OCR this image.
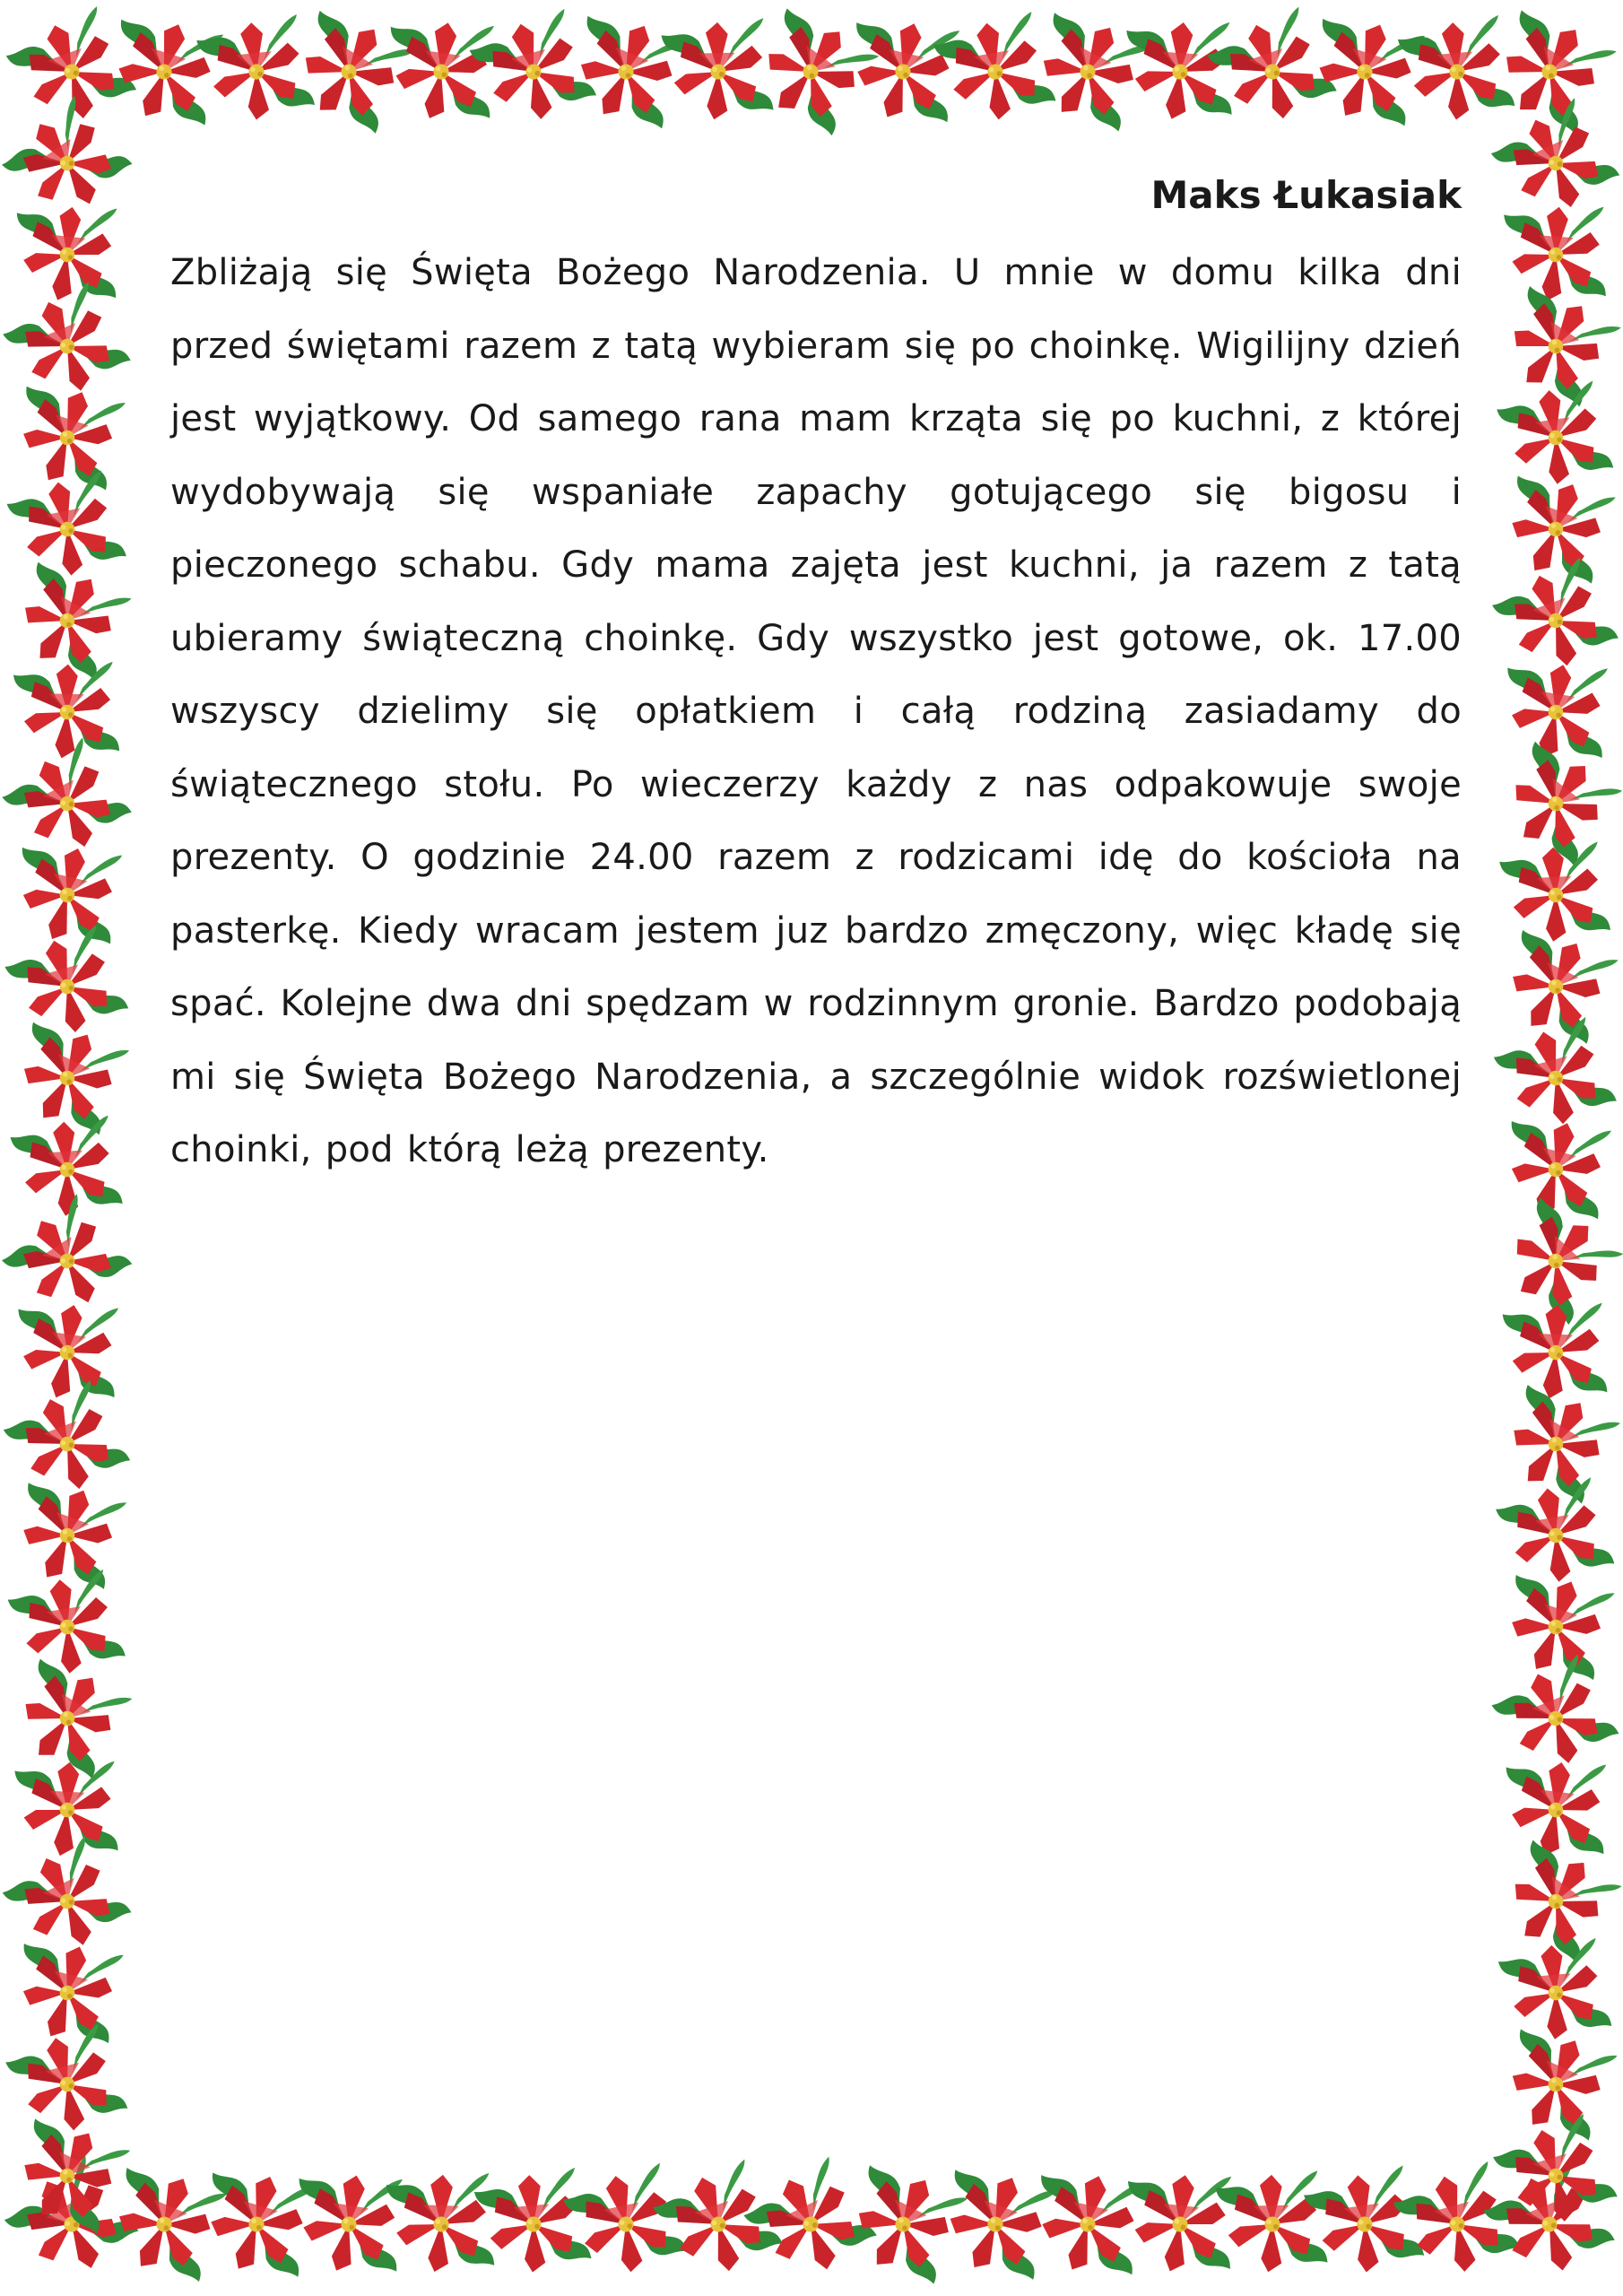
Maks Łukasiak

Zbliżają się Święta Bożego Narodzenia. U mnie w domu kilka dni przed świętami razem z tatą wybieram się po choinkę. Wigilijny dzień jest wyjątkowy. Od samego rana mam krząta się po kuchni, z której wydobywają się wspaniałe zapachy gotującego się bigosu i pieczonego schabu. Gdy mama zajęta jest kuchni, ja razem z tatą ubieramy świąteczną choinkę. Gdy wszystko jest gotowe, ok. 17.00 wszyscy dzielimy się opłatkiem i całą rodziną zasiadamy do świątecznego stołu. Po wieczerzy każdy z nas odpakowuje swoje prezenty. O godzinie 24.00 razem z rodzicami idę do kościoła na pasterkę. Kiedy wracam jestem juz bardzo zmęczony, więc kładę się spać. Kolejne dwa dni spędzam w rodzinnym gronie. Bardzo podobają mi się Święta Bożego Narodzenia, a szczególnie widok rozświetlonej choinki, pod którą leżą prezenty.
